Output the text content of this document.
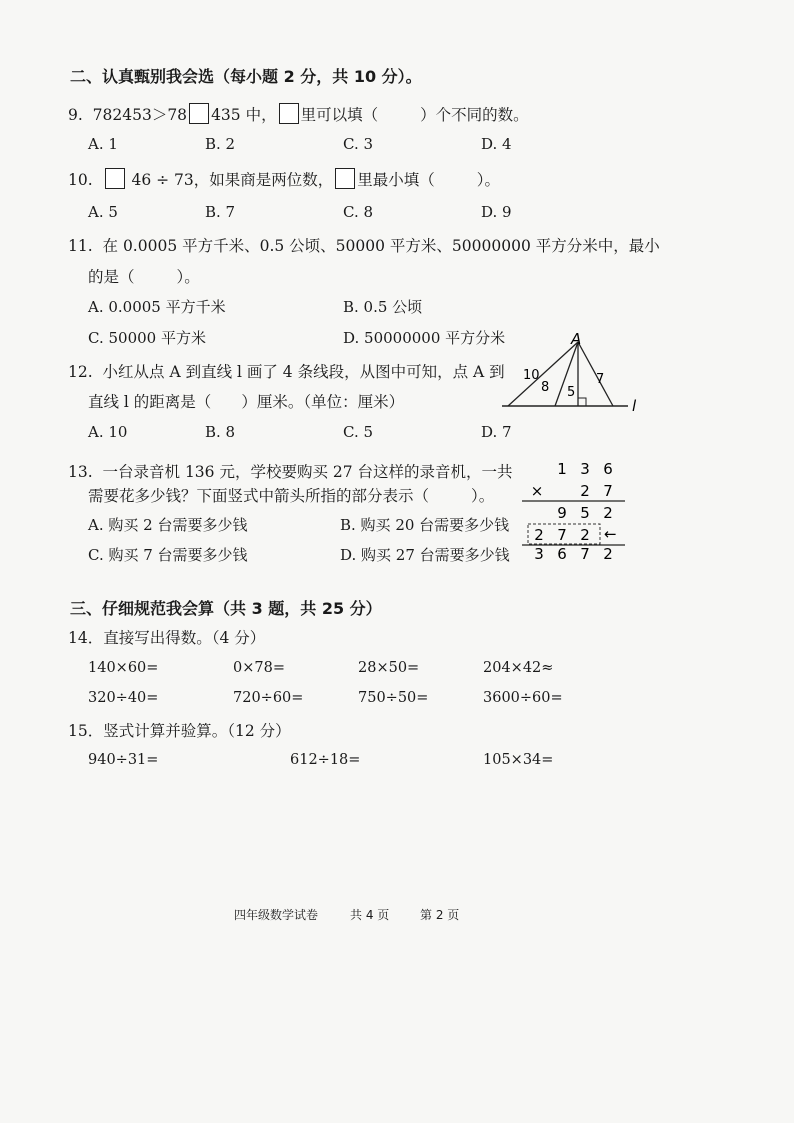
二、认真甄别我会选（每小题 2 分，共 10 分）。
9. 782453＞78 435 中， 里可以填（	）个不同的数。
A. 1	B. 2	C. 3	D. 4
10.	46 ÷ 73，如果商是两位数， 里最小填（	）。
A. 5	B. 7	C. 8	D. 9
11. 在 0.0005 平方千米、0.5 公顷、50000 平方米、50000000 平方分米中，最小
的是（	）。
A. 0.0005 平方千米	B. 0.5 公顷
C. 50000 平方米	D. 50000000 平方分米
12. 小红从点 A 到直线 l 画了 4 条线段，从图中可知，点 A 到
直线 l 的距离是（ ）厘米。（单位：厘米）
A. 10	B. 8	C. 5	D. 7
A
l
10
8 5
7
13. 一台录音机 136 元，学校要购买 27 台这样的录音机，一共
需要花多少钱？下面竖式中箭头所指的部分表示（	）。
A. 购买 2 台需要多少钱	B. 购买 20 台需要多少钱
C. 购买 7 台需要多少钱	D. 购买 27 台需要多少钱
1 3 6
× 2 7
9 5 2
2 7 2
3 6 7 2
←
三、仔细规范我会算（共 3 题，共 25 分）
14．直接写出得数。（4 分）
140×60=	0×78=	28×50=	204×42≈
320÷40=	720÷60=	750÷50=	3600÷60=
15．竖式计算并验算。（12 分）
940÷31=	612÷18=	105×34=
四年级数学试卷	共 4 页	第 2 页
